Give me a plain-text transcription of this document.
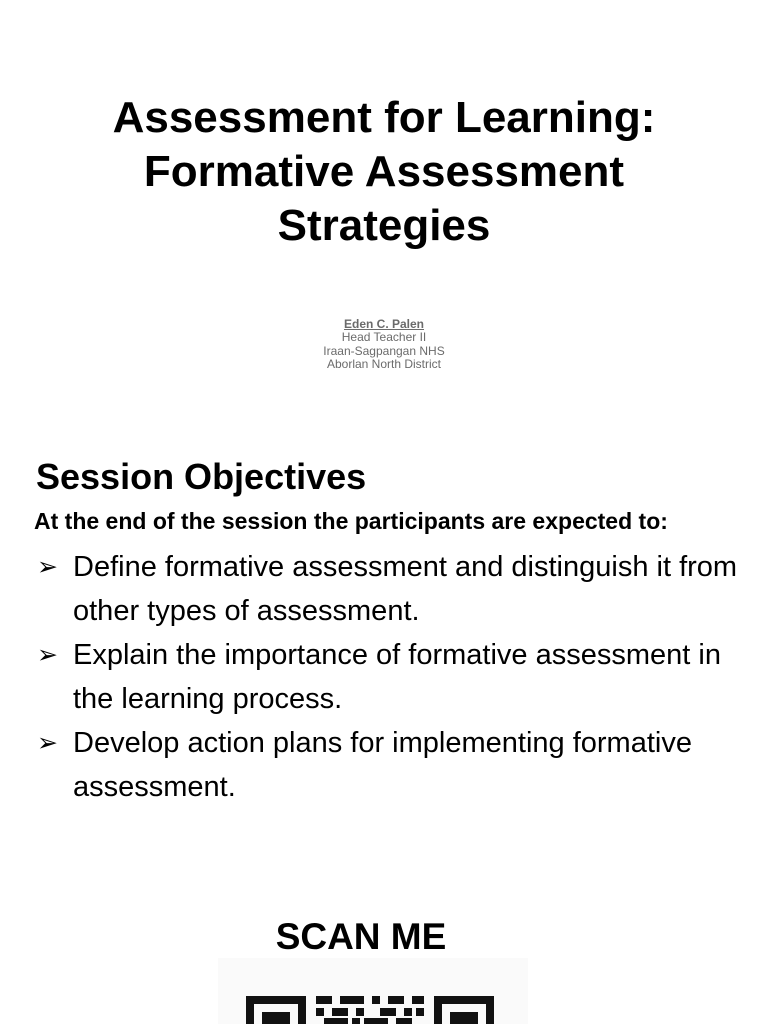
Assessment for Learning:
Formative Assessment
Strategies
Eden C. Palen
Head Teacher II
Iraan-Sagpangan NHS
Aborlan North District
Session Objectives

At the end of the session the participants are expected to:

➢ Define formative assessment and distinguish it from other types of assessment.
➢ Explain the importance of formative assessment in the learning process.
➢ Develop action plans for implementing formative assessment.
SCAN ME
